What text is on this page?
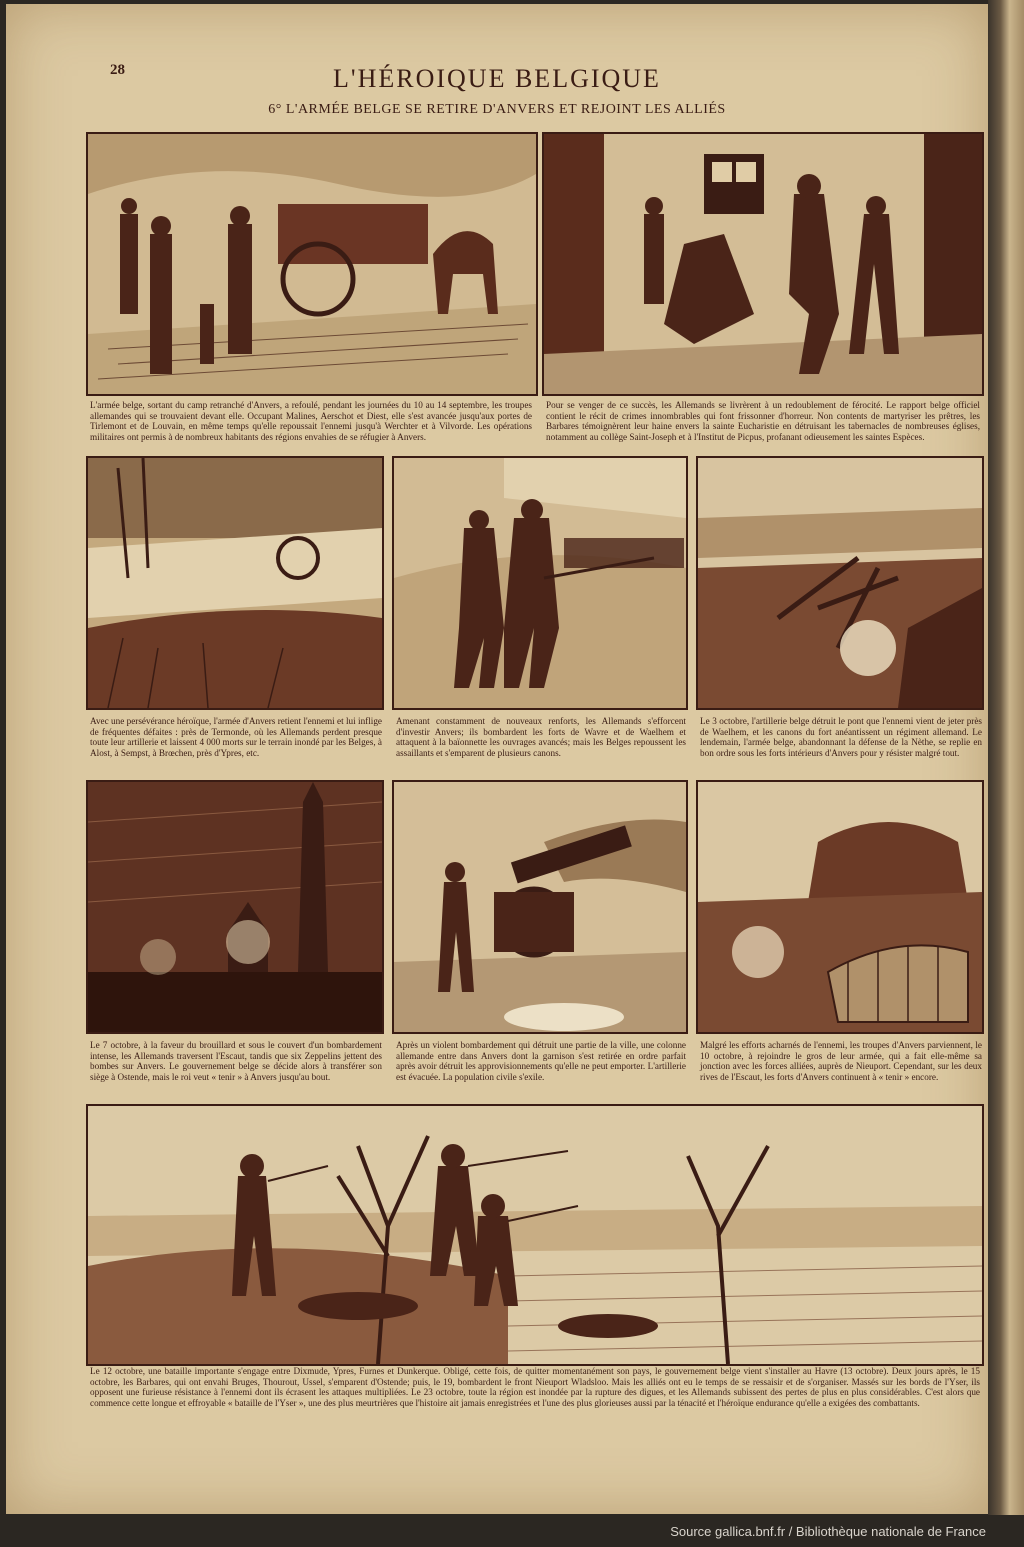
28	L'HÉROIQUE BELGIQUE
6° L'ARMÉE BELGE SE RETIRE D'ANVERS ET REJOINT LES ALLIÉS
L'armée belge, sortant du camp retranché d'Anvers, a refoulé, pendant les journées du 10 au 14 septembre, les troupes allemandes qui se trouvaient devant elle. Occupant Malines, Aerschot et Diest, elle s'est avancée jusqu'aux portes de Tirlemont et de Louvain, en même temps qu'elle repoussait l'ennemi jusqu'à Werchter et à Vilvorde. Les opérations militaires ont permis à de nombreux habitants des régions envahies de se réfugier à Anvers.
Pour se venger de ce succès, les Allemands se livrèrent à un redoublement de férocité. Le rapport belge officiel contient le récit de crimes innombrables qui font frissonner d'horreur. Non contents de martyriser les prêtres, les Barbares témoignèrent leur haine envers la sainte Eucharistie en détruisant les tabernacles de nombreuses églises, notamment au collège Saint-Joseph et à l'Institut de Picpus, profanant odieusement les saintes Espèces.
Avec une persévérance héroïque, l'armée d'Anvers retient l'ennemi et lui inflige de fréquentes défaites : près de Termonde, où les Allemands perdent presque toute leur artillerie et laissent 4 000 morts sur le terrain inondé par les Belges, à Alost, à Sempst, à Brœchen, près d'Ypres, etc.
Amenant constamment de nouveaux renforts, les Allemands s'efforcent d'investir Anvers; ils bombardent les forts de Wavre et de Waelhem et attaquent à la baïonnette les ouvrages avancés; mais les Belges repoussent les assaillants et s'emparent de plusieurs canons.
Le 3 octobre, l'artillerie belge détruit le pont que l'ennemi vient de jeter près de Waelhem, et les canons du fort anéantissent un régiment allemand. Le lendemain, l'armée belge, abandonnant la défense de la Nèthe, se replie en bon ordre sous les forts intérieurs d'Anvers pour y résister malgré tout.
Le 7 octobre, à la faveur du brouillard et sous le couvert d'un bombardement intense, les Allemands traversent l'Escaut, tandis que six Zeppelins jettent des bombes sur Anvers. Le gouvernement belge se décide alors à transférer son siège à Ostende, mais le roi veut « tenir » à Anvers jusqu'au bout.
Après un violent bombardement qui détruit une partie de la ville, une colonne allemande entre dans Anvers dont la garnison s'est retirée en ordre parfait après avoir détruit les approvisionnements qu'elle ne peut emporter. L'artillerie est évacuée. La population civile s'exile.
Malgré les efforts acharnés de l'ennemi, les troupes d'Anvers parviennent, le 10 octobre, à rejoindre le gros de leur armée, qui a fait elle-même sa jonction avec les forces alliées, auprès de Nieuport. Cependant, sur les deux rives de l'Escaut, les forts d'Anvers continuent à « tenir » encore.
Le 12 octobre, une bataille importante s'engage entre Dixmude, Ypres, Furnes et Dunkerque. Obligé, cette fois, de quitter momentanément son pays, le gouvernement belge vient s'installer au Havre (13 octobre). Deux jours après, le 15 octobre, les Barbares, qui ont envahi Bruges, Thourout, Ussel, s'emparent d'Ostende; puis, le 19, bombardent le front Nieuport Wladsloo. Mais les alliés ont eu le temps de se ressaisir et de s'organiser. Massés sur les bords de l'Yser, ils opposent une furieuse résistance à l'ennemi dont ils écrasent les attaques multipliées. Le 23 octobre, toute la région est inondée par la rupture des digues, et les Allemands subissent des pertes de plus en plus considérables. C'est alors que commence cette longue et effroyable « bataille de l'Yser », une des plus meurtrières que l'histoire ait jamais enregistrées et l'une des plus glorieuses aussi par la ténacité et l'héroïque endurance qu'elle a exigées des combattants.
Source gallica.bnf.fr / Bibliothèque nationale de France
